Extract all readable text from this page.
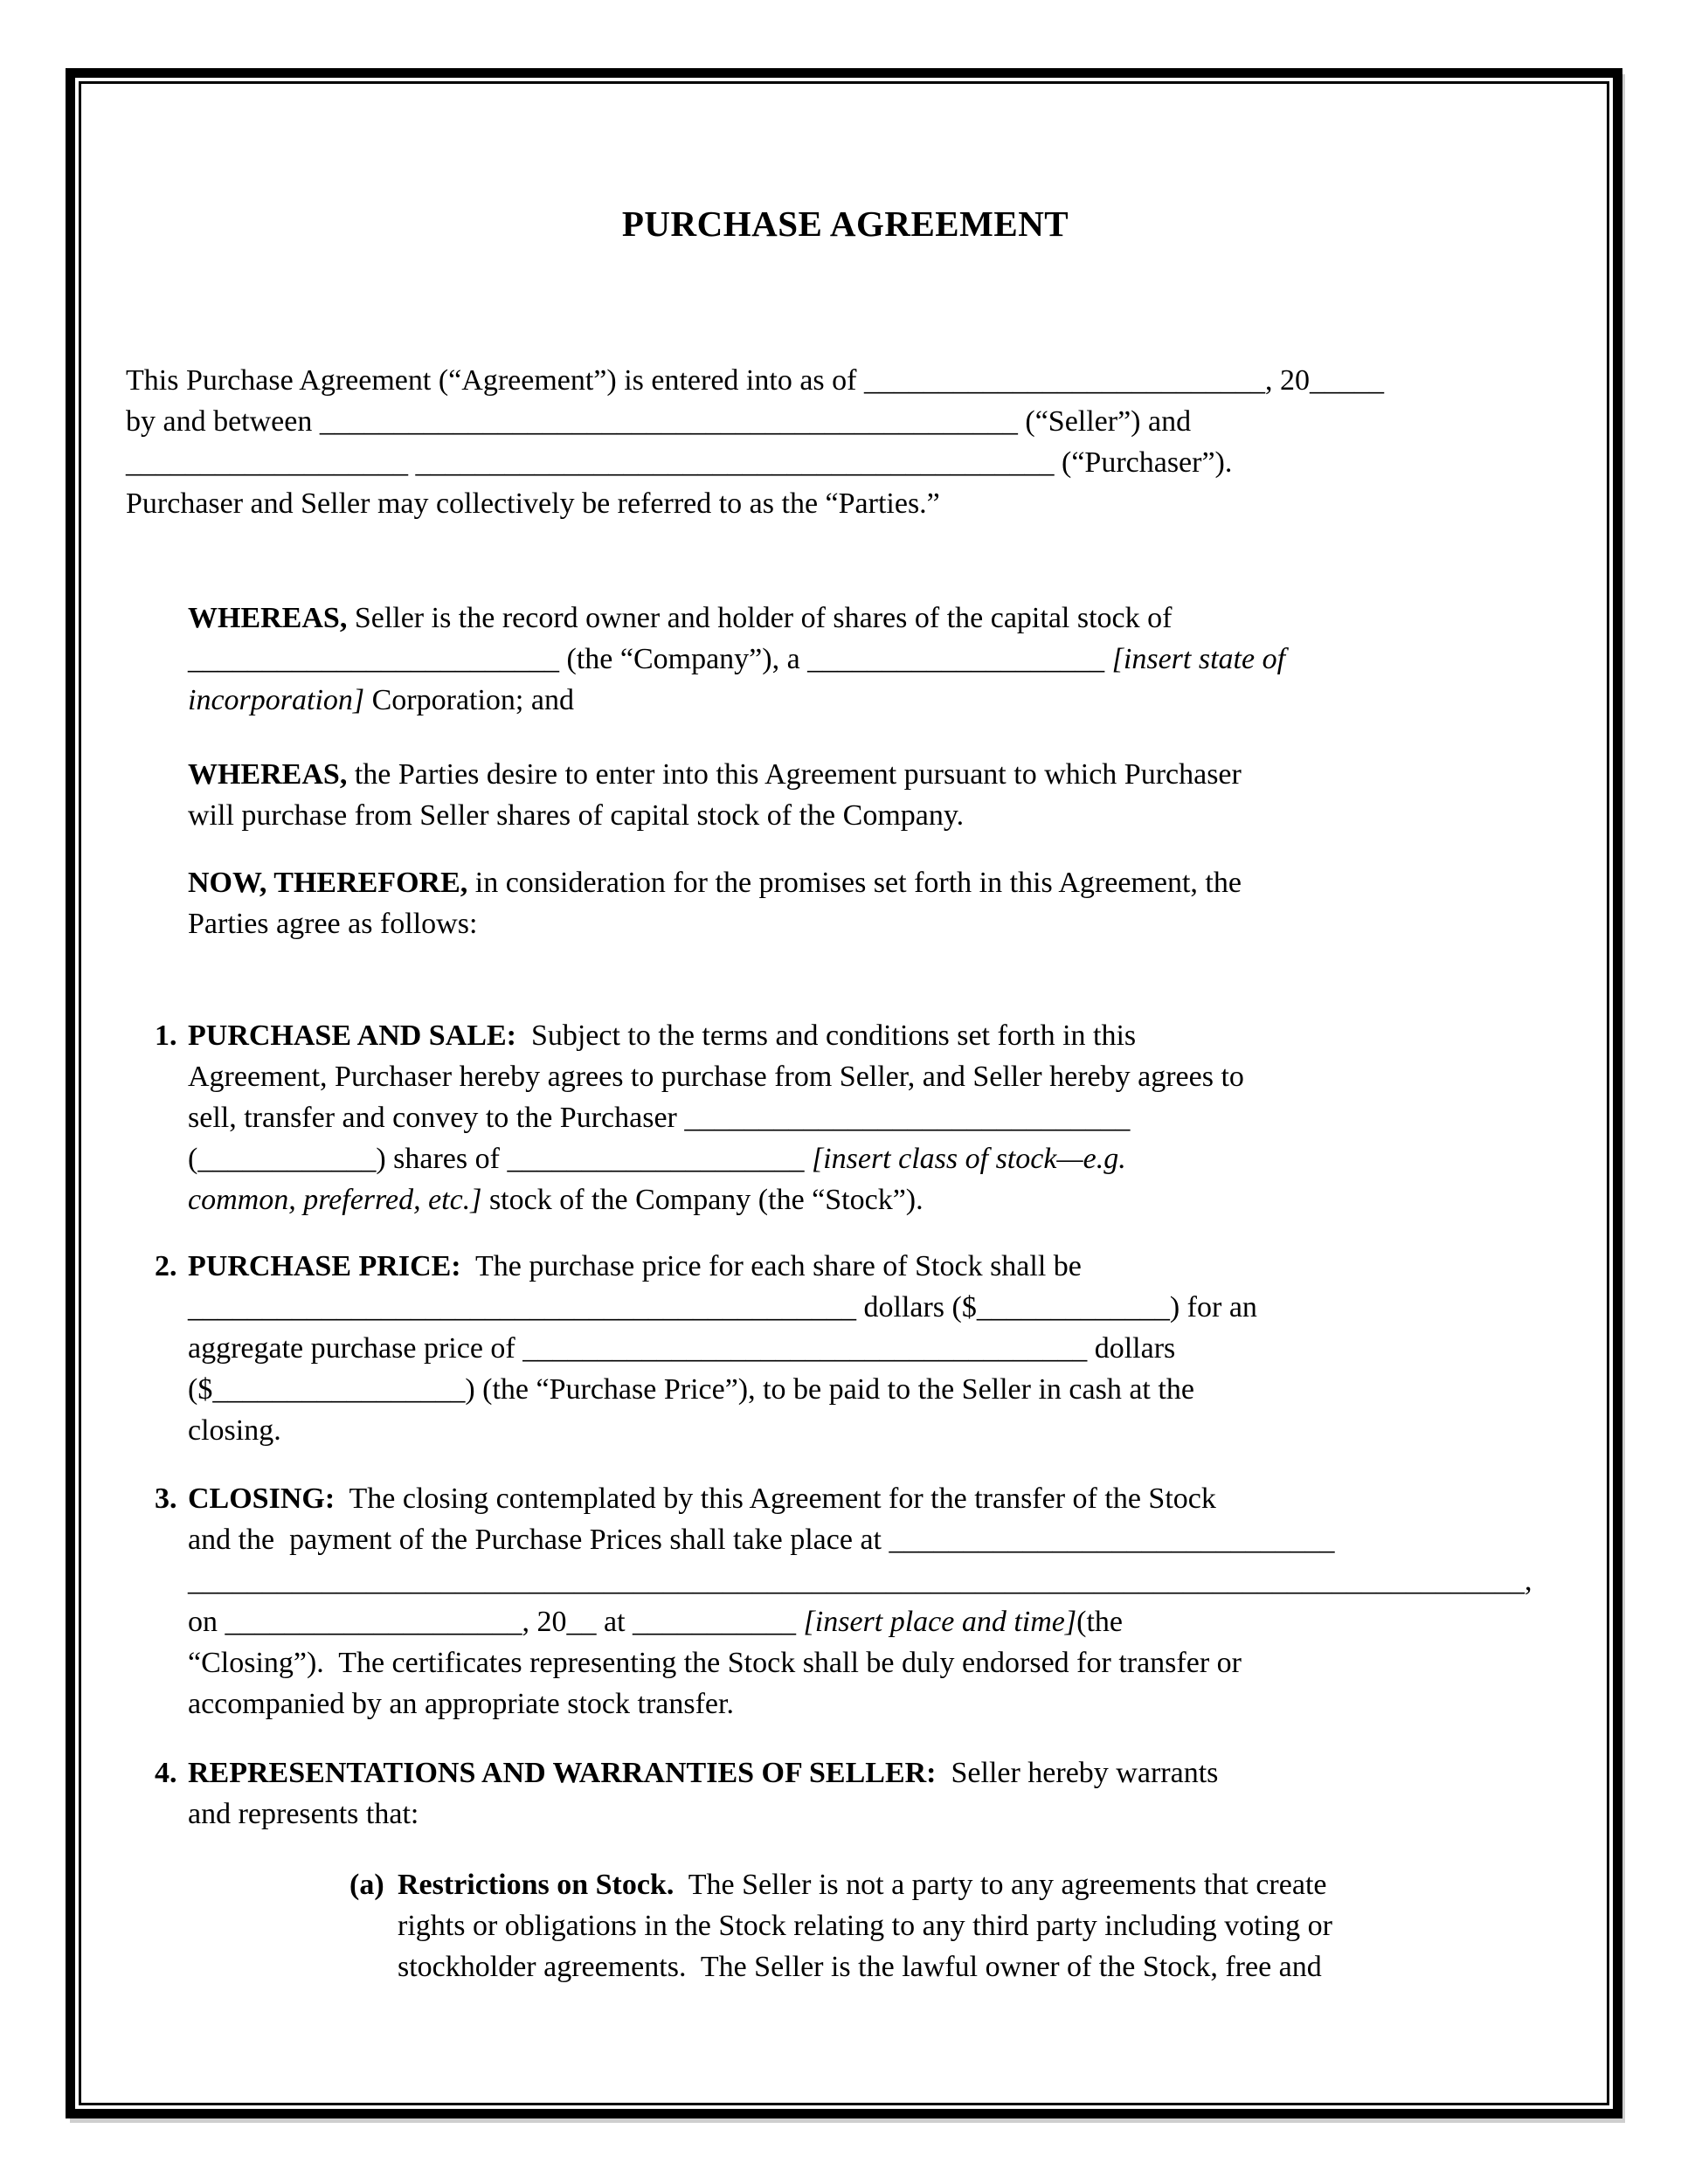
PURCHASE AGREEMENT
This Purchase Agreement (“Agreement”) is entered into as of ___________________________, 20_____
by and between _______________________________________________ (“Seller”) and
___________________ ___________________________________________ (“Purchaser”).
Purchaser and Seller may collectively be referred to as the “Parties.”
WHEREAS, Seller is the record owner and holder of shares of the capital stock of
_________________________ (the “Company”), a ____________________ [insert state of
incorporation] Corporation; and
WHEREAS, the Parties desire to enter into this Agreement pursuant to which Purchaser
will purchase from Seller shares of capital stock of the Company.
NOW, THEREFORE, in consideration for the promises set forth in this Agreement, the
Parties agree as follows:
1. PURCHASE AND SALE:  Subject to the terms and conditions set forth in this
Agreement, Purchaser hereby agrees to purchase from Seller, and Seller hereby agrees to
sell, transfer and convey to the Purchaser ______________________________
(____________) shares of ____________________ [insert class of stock—e.g.
common, preferred, etc.] stock of the Company (the “Stock”).
2. PURCHASE PRICE:  The purchase price for each share of Stock shall be
_____________________________________________ dollars ($_____________) for an
aggregate purchase price of ______________________________________ dollars
($_________________) (the “Purchase Price”), to be paid to the Seller in cash at the
closing.
3. CLOSING:  The closing contemplated by this Agreement for the transfer of the Stock
and the  payment of the Purchase Prices shall take place at ______________________________
__________________________________________________________________________________________,
on ____________________, 20__ at ___________ [insert place and time](the
“Closing”).  The certificates representing the Stock shall be duly endorsed for transfer or
accompanied by an appropriate stock transfer.
4. REPRESENTATIONS AND WARRANTIES OF SELLER:  Seller hereby warrants
and represents that:
(a) Restrictions on Stock.  The Seller is not a party to any agreements that create
rights or obligations in the Stock relating to any third party including voting or
stockholder agreements.  The Seller is the lawful owner of the Stock, free and
